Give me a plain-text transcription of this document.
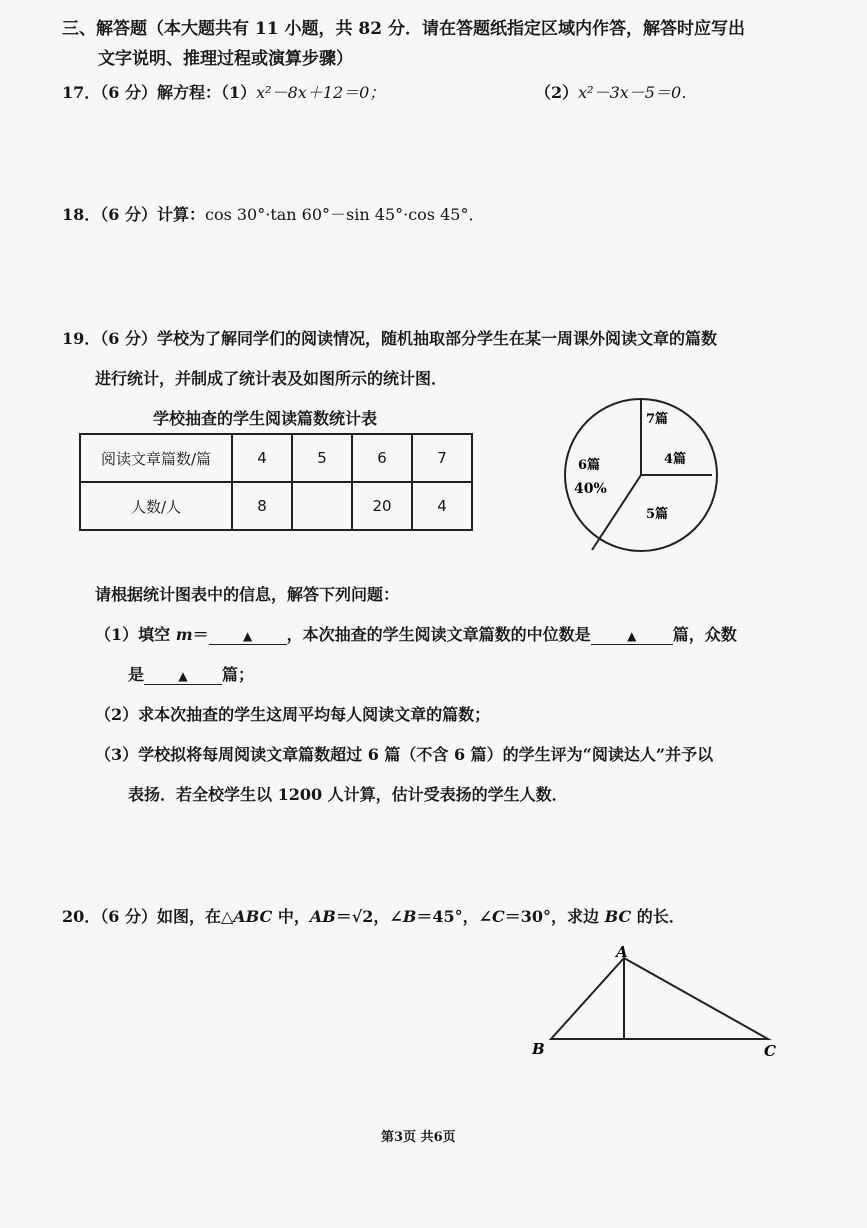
三、解答题（本大题共有 11 小题，共 82 分．请在答题纸指定区域内作答，解答时应写出
文字说明、推理过程或演算步骤）
17．（6 分）解方程：（1）x²－8x＋12＝0；	（2）x²－3x－5＝0．
18．（6 分）计算：cos 30°·tan 60°－sin 45°·cos 45°．
19．（6 分）学校为了解同学们的阅读情况，随机抽取部分学生在某一周课外阅读文章的篇数
进行统计，并制成了统计表及如图所示的统计图．
学校抽查的学生阅读篇数统计表
阅读文章篇数/篇	4	5	6	7
人数/人	8		20	4
7篇
4篇
6篇
40%
5篇
请根据统计图表中的信息，解答下列问题：
（1）填空 m＝	▲ ，本次抽查的学生阅读文章篇数的中位数是	▲ 篇，众数
是	▲ 篇；
（2）求本次抽查的学生这周平均每人阅读文章的篇数；
（3）学校拟将每周阅读文章篇数超过 6 篇（不含 6 篇）的学生评为“阅读达人”并予以
表扬．若全校学生以 1200 人计算，估计受表扬的学生人数．
20．（6 分）如图，在△ABC 中，AB＝√2，∠B＝45°，∠C＝30°，求边 BC 的长．
A
B	C
第3页 共6页
